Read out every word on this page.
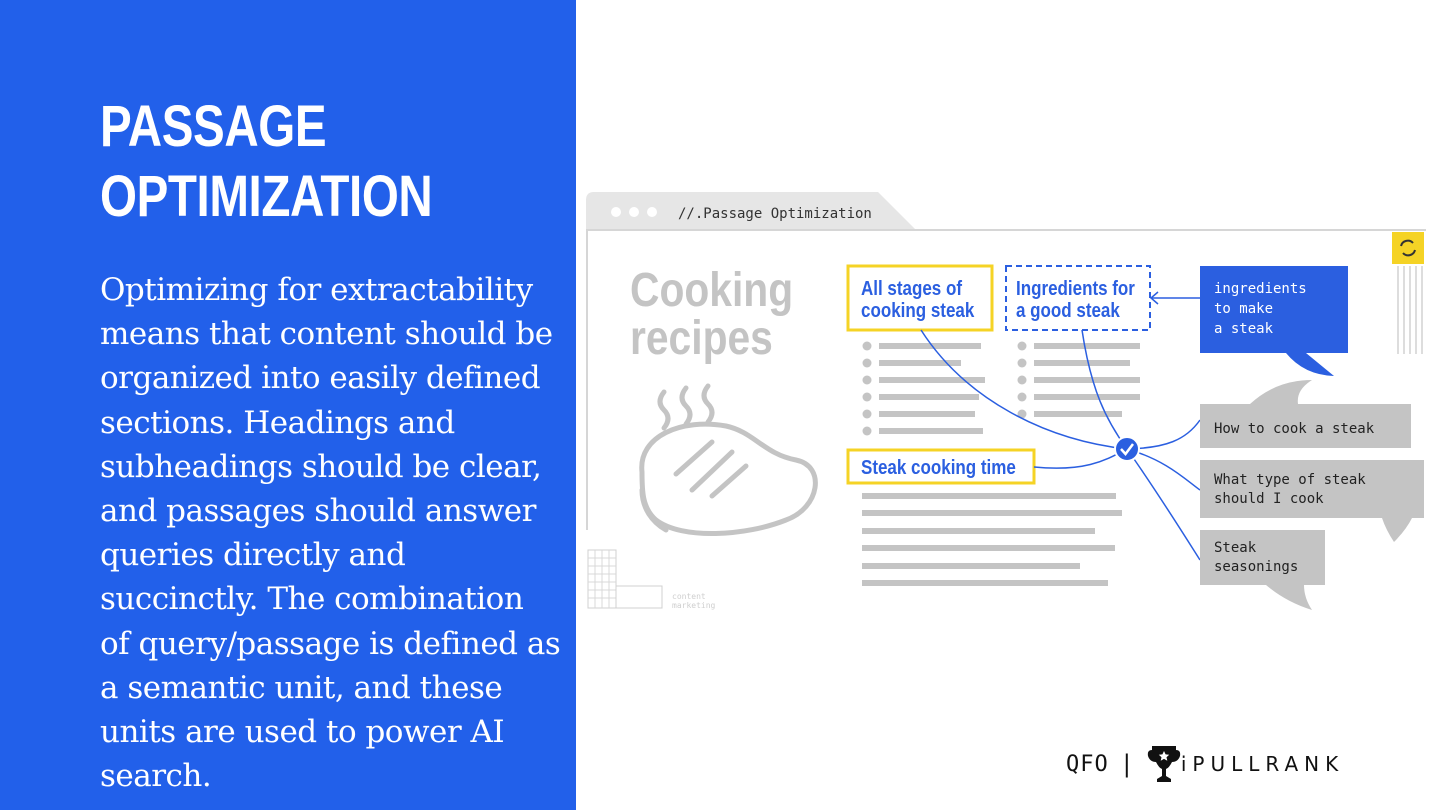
PASSAGE
OPTIMIZATION

Optimizing for extractability
means that content should be
organized into easily defined
sections. Headings and
subheadings should be clear,
and passages should answer
queries directly and
succinctly. The combination
of query/passage is defined as
a semantic unit, and these
units are used to power AI
search.

//.Passage Optimization
Cooking
recipes
content
marketing
All stages of
cooking steak
Ingredients for
a good steak
Steak cooking time
ingredients
to make
a steak
How to cook a steak
What type of steak
should I cook
Steak
seasonings
QFO |	iPULLRANK
